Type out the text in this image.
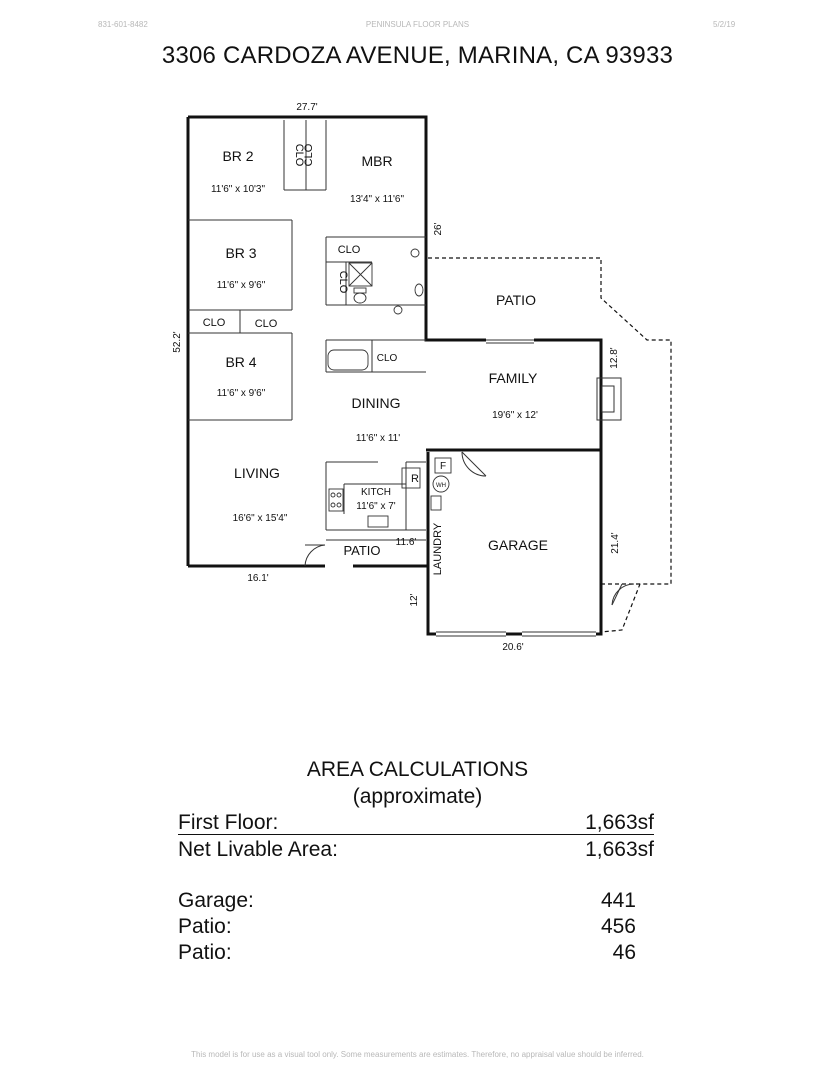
831-601-8482	PENINSULA FLOOR PLANS	5/2/19
3306 CARDOZA AVENUE, MARINA, CA 93933
BR 2
11'6" x 10'3"
MBR
13'4" x 11'6"
BR 3
11'6" x 9'6"
BR 4
11'6" x 9'6"
DINING
11'6" x 11'
FAMILY
19'6" x 12'
LIVING
16'6" x 15'4"
KITCH
11'6" x 7'
GARAGE
PATIO
PATIO	LAUNDRY
CLO
CLO
CLO
CLO
CLO	CLO
CLO
R
F
WH
27.7'
52.2'
16.1'
26'
12.8'
11.6'
12'
21.4'
20.6'
AREA CALCULATIONS
(approximate)
First Floor:	1,663sf
Net Livable Area:	1,663sf
Garage:	441
Patio:	456
Patio:	46
This model is for use as a visual tool only. Some measurements are estimates. Therefore, no appraisal value should be inferred.
